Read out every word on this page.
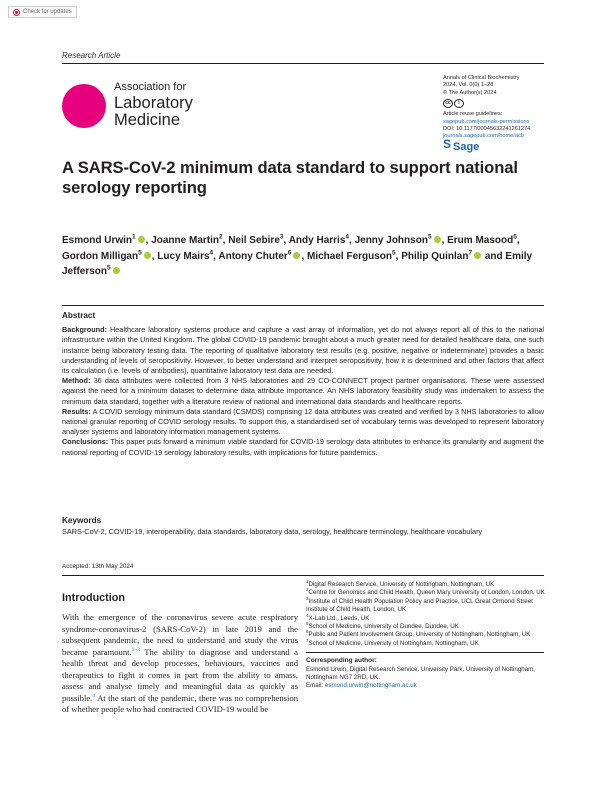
Check for updates
Research Article
Association for
Laboratory
Medicine
Annals of Clinical Biochemistry
2024, Vol. 0(0) 1–28
© The Author(s) 2024
cc	i
Article reuse guidelines:
sagepub.com/journals-permissions
DOI: 10.1177/00045632241261274
journals.sagepub.com/home/acb
S
Sage
A SARS-CoV-2 minimum data standard to support national serology reporting
Esmond Urwin$^1$ , Joanne Martin$^2$, Neil Sebire$^3$, Andy Harris$^4$, Jenny Johnson$^5$ , Erum Masood$^5$, Gordon Milligan$^5$ , Lucy Mairs$^4$, Antony Chuter$^6$ , Michael Ferguson$^5$, Philip Quinlan$^7$ and Emily Jefferson$^5$
Abstract

Background: Healthcare laboratory systems produce and capture a vast array of information, yet do not always report all of this to the national infrastructure within the United Kingdom. The global COVID-19 pandemic brought about a much greater need for detailed healthcare data, one such instance being laboratory testing data. The reporting of qualitative laboratory test results (e.g. positive, negative or indeterminate) provides a basic understanding of levels of seropositivity. However, to better understand and interpret seropositivity, how it is determined and other factors that affect its calculation (i.e. levels of antibodies), quantitative laboratory test data are needed.

Method: 36 data attributes were collected from 3 NHS laboratories and 29 CO-CONNECT project partner organisations. These were assessed against the need for a minimum dataset to determine data attribute importance. An NHS laboratory feasibility study was undertaken to assess the minimum data standard, together with a literature review of national and international data standards and healthcare reports.

Results: A COVID serology minimum data standard (CSMDS) comprising 12 data attributes was created and verified by 3 NHS laboratories to allow national granular reporting of COVID serology results. To support this, a standardised set of vocabulary terms was developed to represent laboratory analyser systems and laboratory information management systems.

Conclusions: This paper puts forward a minimum viable standard for COVID-19 serology data attributes to enhance its granularity and augment the national reporting of COVID-19 serology laboratory results, with implications for future pandemics.

Keywords
SARS-CoV-2, COVID-19, interoperability, data standards, laboratory data, serology, healthcare terminology, healthcare vocabulary
Accepted: 13th May 2024
Introduction
With the emergence of the coronavirus severe acute respiratory syndrome-coronavirus-2 (SARS-CoV-2) in late 2019 and the subsequent pandemic, the need to understand and study the virus became paramount.$^{1-3}$ The ability to diagnose and understand a health threat and develop processes, behaviours, vaccines and therapeutics to fight it comes in part from the ability to amass, assess and analyse timely and meaningful data as quickly as possible.$^4$ At the start of the pandemic, there was no comprehension of whether people who had contracted COVID-19 would be
$^1$Digital Research Service, University of Nottingham, Nottingham, UK
$^2$Centre for Genomics and Child Health, Queen Mary University of London, London, UK
$^3$Institute of Child Health Population Policy and Practice, UCL Great Ormond Street Institute of Child Health, London, UK
$^4$X-Lab Ltd., Leeds, UK
$^5$School of Medicine, University of Dundee, Dundee, UK
$^6$Public and Patient Involvement Group, University of Nottingham, Nottingham, UK
$^7$School of Medicine, University of Nottingham, Nottingham, UK
Corresponding author:
Esmond Urwin, Digital Research Service, University Park, University of Nottingham, Nottingham NG7 2RD, UK.
Email: esmond.urwin@nottingham.ac.uk
